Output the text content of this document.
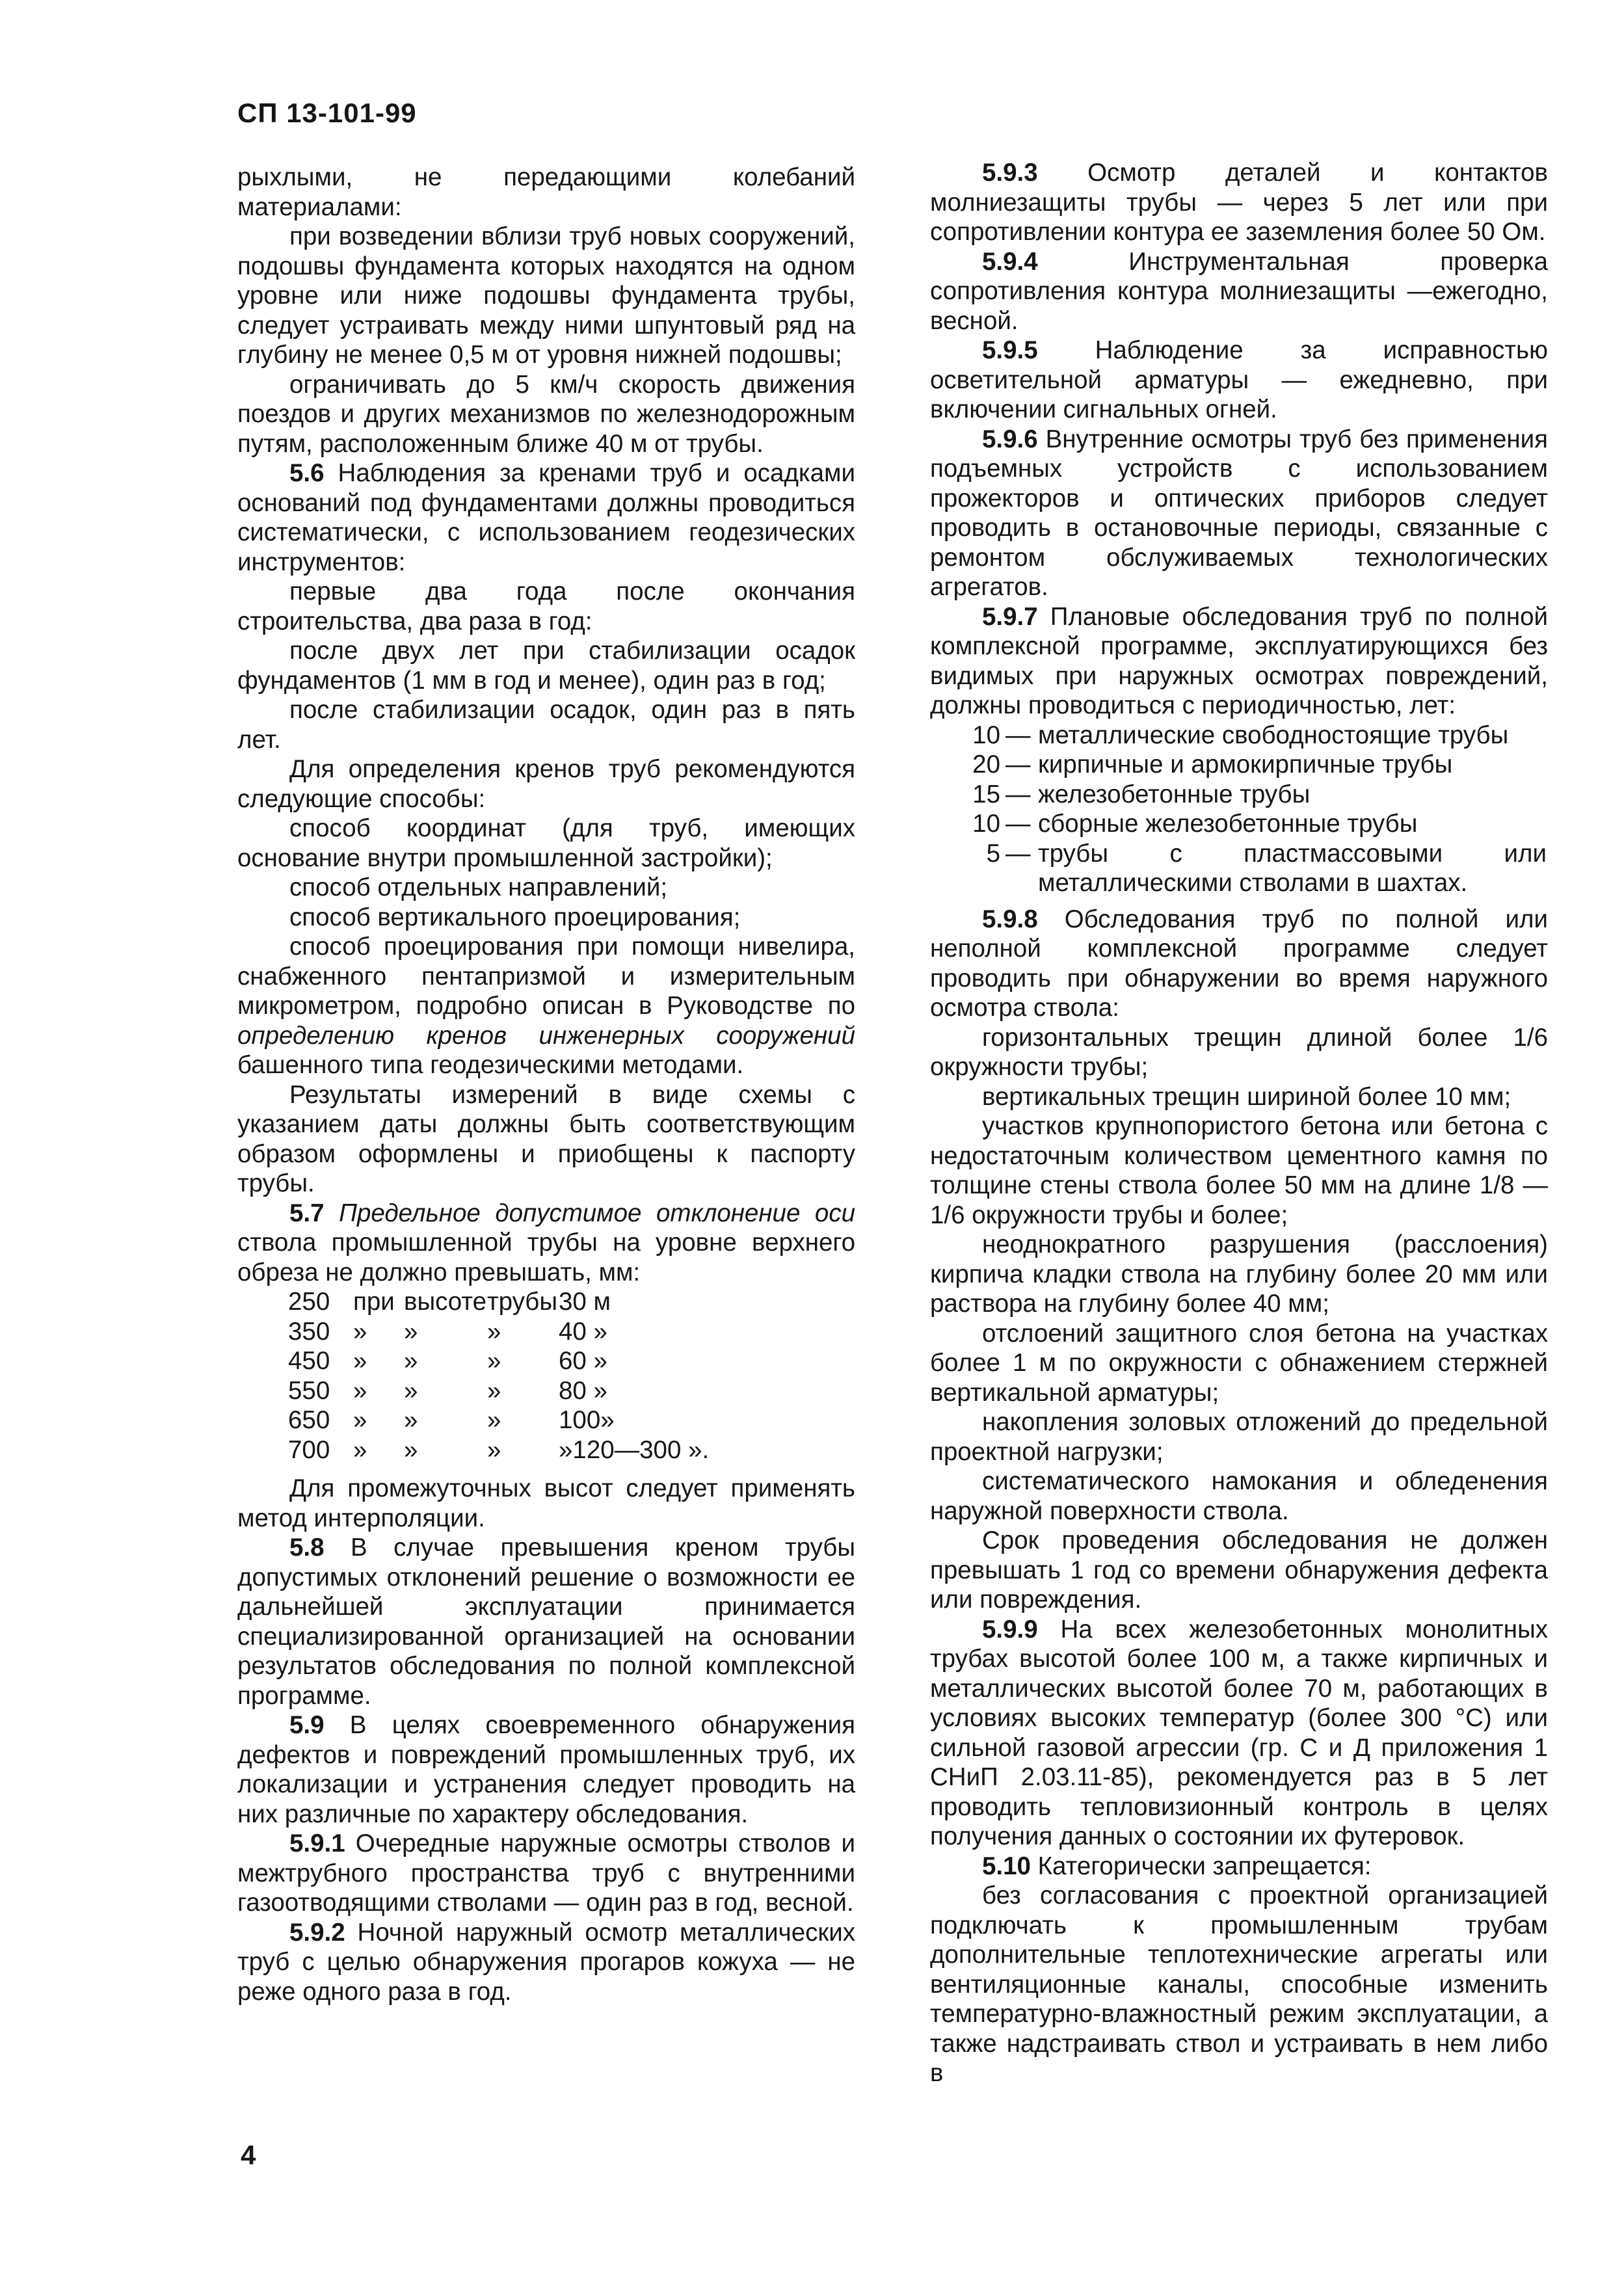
СП 13-101-99

рыхлыми, не передающими колебаний материалами:

при возведении вблизи труб новых сооружений, подошвы фундамента которых находятся на одном уровне или ниже подошвы фундамента трубы, следует устраивать между ними шпунтовый ряд на глубину не менее 0,5 м от уровня нижней подошвы;

ограничивать до 5 км/ч скорость движения поездов и других механизмов по железнодорожным путям, расположенным ближе 40 м от трубы.

5.6 Наблюдения за кренами труб и осадками оснований под фундаментами должны проводиться систематически, с использованием геодезических инструментов:

первые два года после окончания строительства, два раза в год:

после двух лет при стабилизации осадок фундаментов (1 мм в год и менее), один раз в год;

после стабилизации осадок, один раз в пять лет.

Для определения кренов труб рекомендуются следующие способы:

способ координат (для труб, имеющих основание внутри промышленной застройки);

способ отдельных направлений;

способ вертикального проецирования;

способ проецирования при помощи нивелира, снабженного пентапризмой и измерительным микрометром, подробно описан в Руководстве по определению кренов инженерных сооружений башенного типа геодезическими методами.

Результаты измерений в виде схемы с указанием даты должны быть соответствующим образом оформлены и приобщены к паспорту трубы.

5.7 Предельное допустимое отклонение оси ствола промышленной трубы на уровне верхнего обреза не должно превышать, мм:

250	при	высоте	трубы	30 м
350	»	»	»	40 »
450	»	»	»	60 »
550	»	»	»	80 »
650	»	»	»	100»
700	»	»	»	»120—300 ».

Для промежуточных высот следует применять метод интерполяции.

5.8 В случае превышения креном трубы допустимых отклонений решение о возможности ее дальнейшей эксплуатации принимается специализированной организацией на основании результатов обследования по полной комплексной программе.

5.9 В целях своевременного обнаружения дефектов и повреждений промышленных труб, их локализации и устранения следует проводить на них различные по характеру обследования.

5.9.1 Очередные наружные осмотры стволов и межтрубного пространства труб с внутренними газоотводящими стволами — один раз в год, весной.

5.9.2 Ночной наружный осмотр металлических труб с целью обнаружения прогаров кожуха — не реже одного раза в год.

5.9.3 Осмотр деталей и контактов молниезащиты трубы — через 5 лет или при сопротивлении контура ее заземления более 50 Ом.

5.9.4 Инструментальная проверка сопротивления контура молниезащиты —ежегодно, весной.

5.9.5 Наблюдение за исправностью осветительной арматуры — ежедневно, при включении сигнальных огней.

5.9.6 Внутренние осмотры труб без применения подъемных устройств с использованием прожекторов и оптических приборов следует проводить в остановочные периоды, связанные с ремонтом обслуживаемых технологических агрегатов.

5.9.7 Плановые обследования труб по полной комплексной программе, эксплуатирующихся без видимых при наружных осмотрах повреждений, должны проводиться с периодичностью, лет:

10	—	металлические свободностоящие трубы
20	—	кирпичные и армокирпичные трубы
15	—	железобетонные трубы
10	—	сборные железобетонные трубы
5	—	трубы с пластмассовыми или металлическими стволами в шахтах.

5.9.8 Обследования труб по полной или неполной комплексной программе следует проводить при обнаружении во время наружного осмотра ствола:

горизонтальных трещин длиной более 1/6 окружности трубы;

вертикальных трещин шириной более 10 мм;

участков крупнопористого бетона или бетона с недостаточным количеством цементного камня по толщине стены ствола более 50 мм на длине 1/8 —1/6 окружности трубы и более;

неоднократного разрушения (расслоения) кирпича кладки ствола на глубину более 20 мм или раствора на глубину более 40 мм;

отслоений защитного слоя бетона на участках более 1 м по окружности с обнажением стержней вертикальной арматуры;

накопления золовых отложений до предельной проектной нагрузки;

систематического намокания и обледенения наружной поверхности ствола.

Срок проведения обследования не должен превышать 1 год со времени обнаружения дефекта или повреждения.

5.9.9 На всех железобетонных монолитных трубах высотой более 100 м, а также кирпичных и металлических высотой более 70 м, работающих в условиях высоких температур (более 300 °С) или сильной газовой агрессии (гр. С и Д приложения 1 СНиП 2.03.11-85), рекомендуется раз в 5 лет проводить тепловизионный контроль в целях получения данных о состоянии их футеровок.

5.10 Категорически запрещается:

без согласования с проектной организацией подключать к промышленным трубам дополнительные теплотехнические агрегаты или вентиляционные каналы, способные изменить температурно-влажностный режим эксплуатации, а также надстраивать ствол и устраивать в нем либо в

4
